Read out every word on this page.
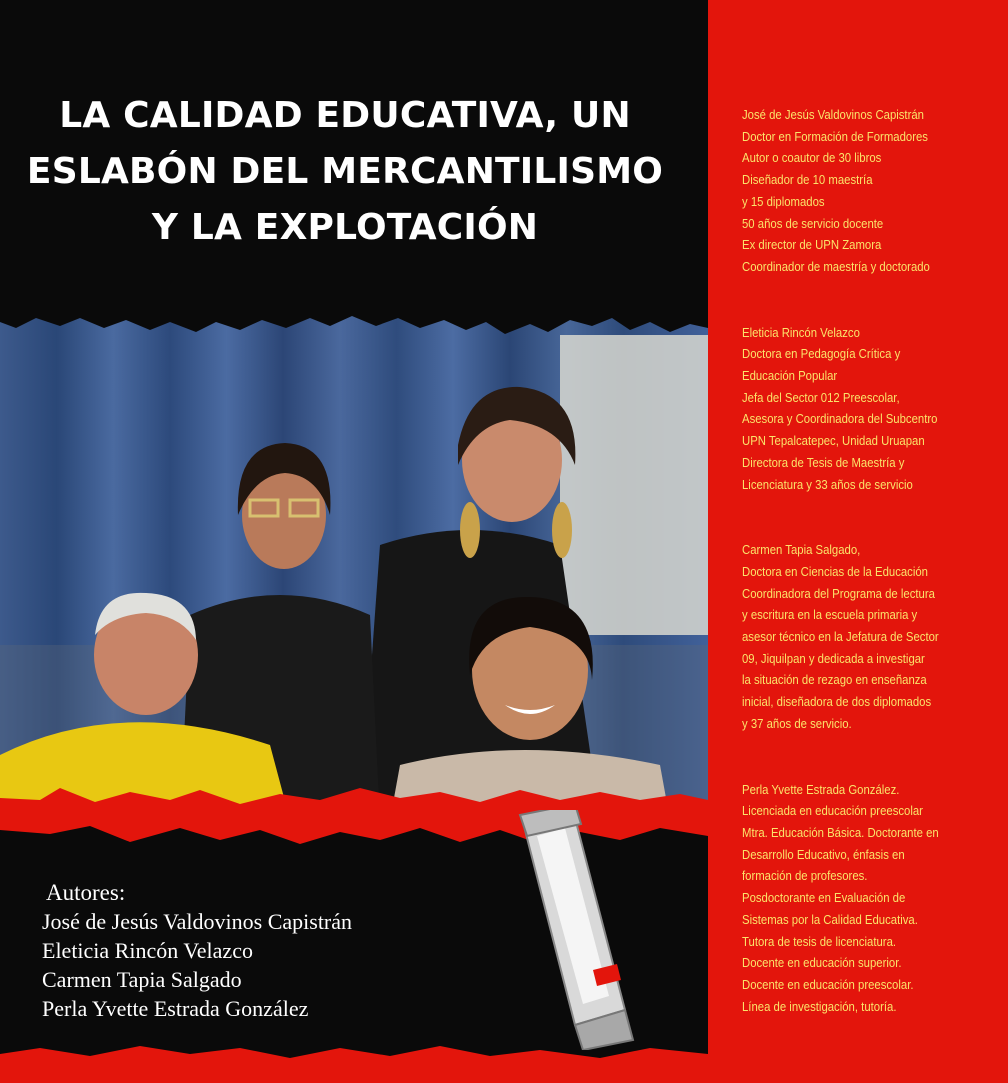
LA CALIDAD EDUCATIVA, UN
ESLABÓN DEL MERCANTILISMO
Y LA EXPLOTACIÓN
Autores:
José de Jesús Valdovinos Capistrán
Eleticia Rincón Velazco
Carmen Tapia Salgado
Perla Yvette Estrada González
José de Jesús Valdovinos Capistrán
Doctor en Formación de Formadores
Autor o coautor de 30 libros
Diseñador de 10 maestría
y 15 diplomados
50 años de servicio docente
Ex director de UPN Zamora
Coordinador de maestría y doctorado
Eleticia Rincón Velazco
Doctora en Pedagogía Crítica y
Educación Popular
Jefa del Sector 012 Preescolar,
Asesora y Coordinadora del Subcentro
UPN Tepalcatepec, Unidad Uruapan
Directora de Tesis de Maestría y
Licenciatura y 33 años de servicio
Carmen Tapia Salgado,
Doctora en Ciencias de la Educación
Coordinadora del Programa de lectura
y escritura en la escuela primaria y
asesor técnico en la Jefatura de Sector
09, Jiquilpan y dedicada a investigar
la situación de rezago en enseñanza
inicial, diseñadora de dos diplomados
y 37 años de servicio.
Perla Yvette Estrada González.
Licenciada en educación preescolar
Mtra. Educación Básica. Doctorante en
Desarrollo Educativo, énfasis en
formación de profesores.
Posdoctorante en Evaluación de
Sistemas por la Calidad Educativa.
Tutora de tesis de licenciatura.
Docente en educación superior.
Docente en educación preescolar.
Línea de investigación, tutoría.
